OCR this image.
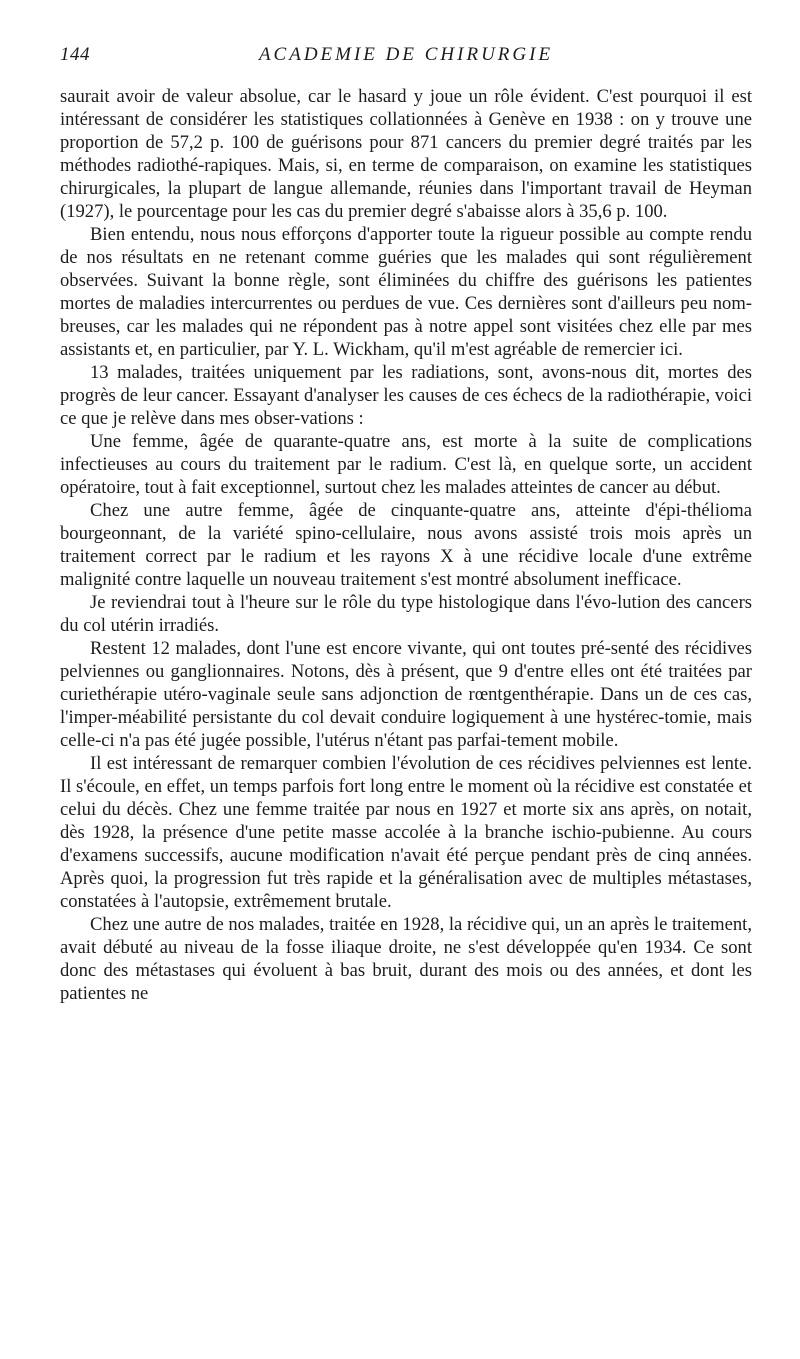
144	ACADEMIE DE CHIRURGIE

saurait avoir de valeur absolue, car le hasard y joue un rôle évident. C'est pourquoi il est intéressant de considérer les statistiques collationnées à Genève en 1938 : on y trouve une proportion de 57,2 p. 100 de guérisons pour 871 cancers du premier degré traités par les méthodes radiothé-rapiques. Mais, si, en terme de comparaison, on examine les statistiques chirurgicales, la plupart de langue allemande, réunies dans l'important travail de Heyman (1927), le pourcentage pour les cas du premier degré s'abaisse alors à 35,6 p. 100.

Bien entendu, nous nous efforçons d'apporter toute la rigueur possible au compte rendu de nos résultats en ne retenant comme guéries que les malades qui sont régulièrement observées. Suivant la bonne règle, sont éliminées du chiffre des guérisons les patientes mortes de maladies intercurrentes ou perdues de vue. Ces dernières sont d'ailleurs peu nom-breuses, car les malades qui ne répondent pas à notre appel sont visitées chez elle par mes assistants et, en particulier, par Y. L. Wickham, qu'il m'est agréable de remercier ici.

13 malades, traitées uniquement par les radiations, sont, avons-nous dit, mortes des progrès de leur cancer. Essayant d'analyser les causes de ces échecs de la radiothérapie, voici ce que je relève dans mes obser-vations :

Une femme, âgée de quarante-quatre ans, est morte à la suite de complications infectieuses au cours du traitement par le radium. C'est là, en quelque sorte, un accident opératoire, tout à fait exceptionnel, surtout chez les malades atteintes de cancer au début.

Chez une autre femme, âgée de cinquante-quatre ans, atteinte d'épi-thélioma bourgeonnant, de la variété spino-cellulaire, nous avons assisté trois mois après un traitement correct par le radium et les rayons X à une récidive locale d'une extrême malignité contre laquelle un nouveau traitement s'est montré absolument inefficace.

Je reviendrai tout à l'heure sur le rôle du type histologique dans l'évo-lution des cancers du col utérin irradiés.

Restent 12 malades, dont l'une est encore vivante, qui ont toutes pré-senté des récidives pelviennes ou ganglionnaires. Notons, dès à présent, que 9 d'entre elles ont été traitées par curiethérapie utéro-vaginale seule sans adjonction de rœntgenthérapie. Dans un de ces cas, l'imper-méabilité persistante du col devait conduire logiquement à une hystérec-tomie, mais celle-ci n'a pas été jugée possible, l'utérus n'étant pas parfai-tement mobile.

Il est intéressant de remarquer combien l'évolution de ces récidives pelviennes est lente. Il s'écoule, en effet, un temps parfois fort long entre le moment où la récidive est constatée et celui du décès. Chez une femme traitée par nous en 1927 et morte six ans après, on notait, dès 1928, la présence d'une petite masse accolée à la branche ischio-pubienne. Au cours d'examens successifs, aucune modification n'avait été perçue pendant près de cinq années. Après quoi, la progression fut très rapide et la généralisation avec de multiples métastases, constatées à l'autopsie, extrêmement brutale.

Chez une autre de nos malades, traitée en 1928, la récidive qui, un an après le traitement, avait débuté au niveau de la fosse iliaque droite, ne s'est développée qu'en 1934. Ce sont donc des métastases qui évoluent à bas bruit, durant des mois ou des années, et dont les patientes ne
